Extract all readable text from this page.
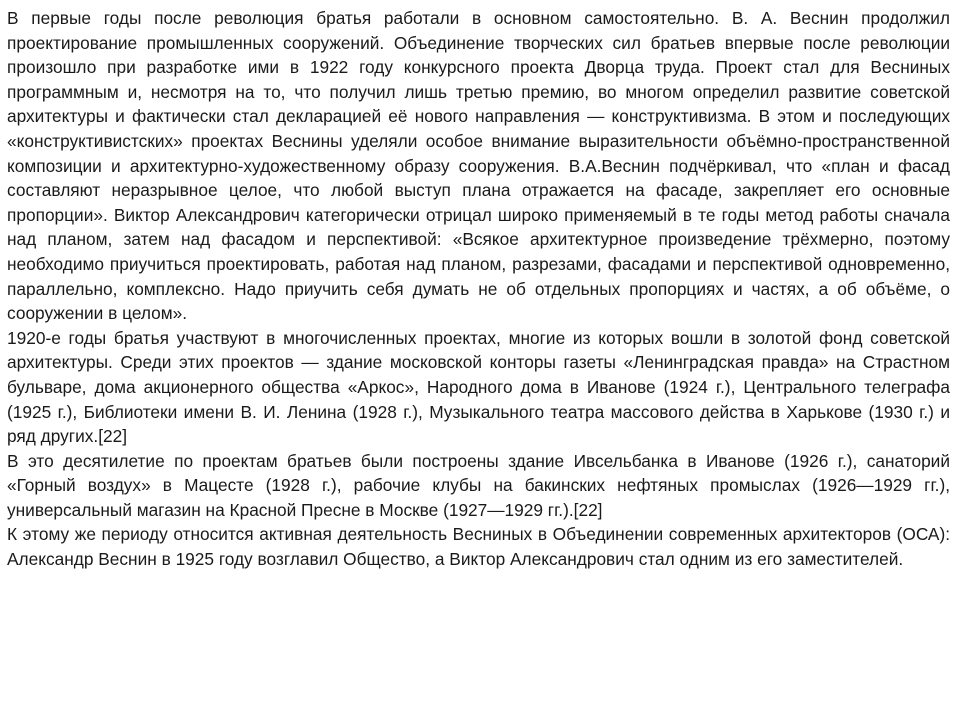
В первые годы после революция братья работали в основном самостоятельно. В. А. Веснин продолжил проектирование промышленных сооружений. Объединение творческих сил братьев впервые после революции произошло при разработке ими в 1922 году конкурсного проекта Дворца труда. Проект стал для Весниных программным и, несмотря на то, что получил лишь третью премию, во многом определил развитие советской архитектуры и фактически стал декларацией её нового направления — конструктивизма. В этом и последующих «конструктивистских» проектах Веснины уделяли особое внимание выразительности объёмно-пространственной композиции и архитектурно-художественному образу сооружения. В.А.Веснин подчёркивал, что «план и фасад составляют неразрывное целое, что любой выступ плана отражается на фасаде, закрепляет его основные пропорции». Виктор Александрович категорически отрицал широко применяемый в те годы метод работы сначала над планом, затем над фасадом и перспективой: «Всякое архитектурное произведение трёхмерно, поэтому необходимо приучиться проектировать, работая над планом, разрезами, фасадами и перспективой одновременно, параллельно, комплексно. Надо приучить себя думать не об отдельных пропорциях и частях, а об объёме, о сооружении в целом».

1920-е годы братья участвуют в многочисленных проектах, многие из которых вошли в золотой фонд советской архитектуры. Среди этих проектов — здание московской конторы газеты «Ленинградская правда» на Страстном бульваре, дома акционерного общества «Аркос», Народного дома в Иванове (1924 г.), Центрального телеграфа (1925 г.), Библиотеки имени В. И. Ленина (1928 г.), Музыкального театра массового действа в Харькове (1930 г.) и ряд других.[22]

В это десятилетие по проектам братьев были построены здание Ивсельбанка в Иванове (1926 г.), санаторий «Горный воздух» в Мацесте (1928 г.), рабочие клубы на бакинских нефтяных промыслах (1926—1929 гг.), универсальный магазин на Красной Пресне в Москве (1927—1929 гг.).[22]

К этому же периоду относится активная деятельность Весниных в Объединении современных архитекторов (ОСА): Александр Веснин в 1925 году возглавил Общество, а Виктор Александрович стал одним из его заместителей.
